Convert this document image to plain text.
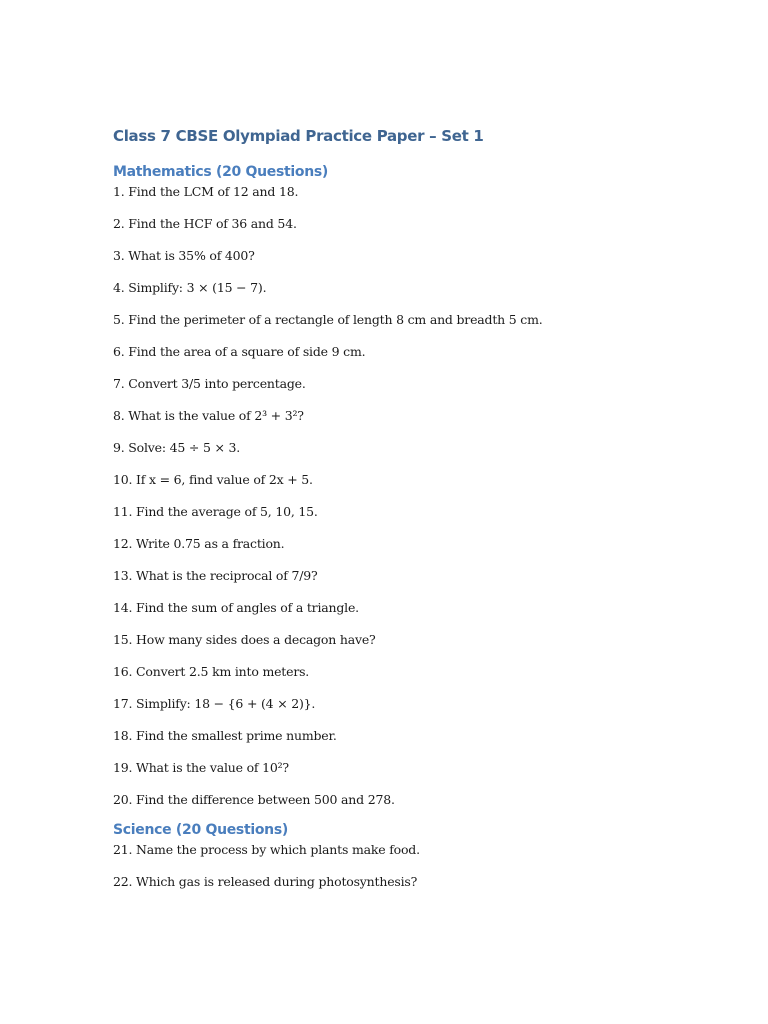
Class 7 CBSE Olympiad Practice Paper – Set 1
Mathematics (20 Questions)
1. Find the LCM of 12 and 18.
2. Find the HCF of 36 and 54.
3. What is 35% of 400?
4. Simplify: 3 × (15 − 7).
5. Find the perimeter of a rectangle of length 8 cm and breadth 5 cm.
6. Find the area of a square of side 9 cm.
7. Convert 3/5 into percentage.
8. What is the value of 2³ + 3²?
9. Solve: 45 ÷ 5 × 3.
10. If x = 6, find value of 2x + 5.
11. Find the average of 5, 10, 15.
12. Write 0.75 as a fraction.
13. What is the reciprocal of 7/9?
14. Find the sum of angles of a triangle.
15. How many sides does a decagon have?
16. Convert 2.5 km into meters.
17. Simplify: 18 − {6 + (4 × 2)}.
18. Find the smallest prime number.
19. What is the value of 10²?
20. Find the difference between 500 and 278.
Science (20 Questions)
21. Name the process by which plants make food.
22. Which gas is released during photosynthesis?
